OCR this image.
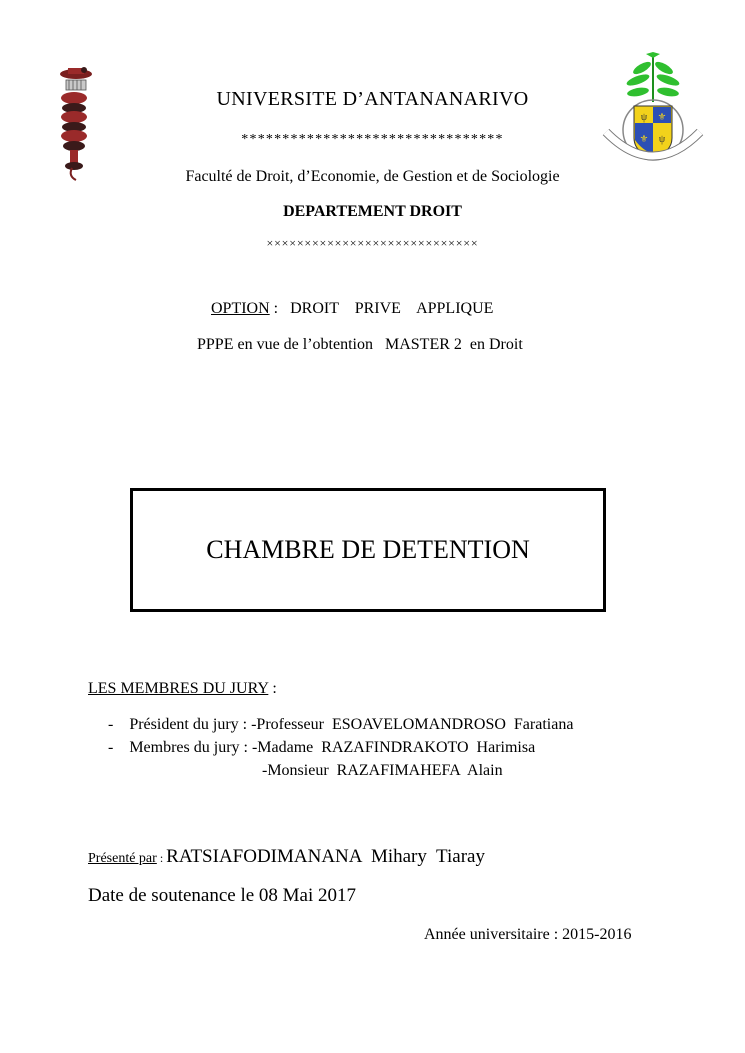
ψ ⚜
⚜ ψ
UNIVERSITE D’ANTANANARIVO
********************************
Faculté de Droit, d’Economie, de Gestion et de Sociologie
DEPARTEMENT DROIT
××××××××××××××××××××××××××××
OPTION :   DROIT    PRIVE    APPLIQUE
PPPE en vue de l’obtention   MASTER 2  en Droit
CHAMBRE DE DETENTION
LES MEMBRES DU JURY :
-    Président du jury : -Professeur  ESOAVELOMANDROSO  Faratiana
-    Membres du jury : -Madame  RAZAFINDRAKOTO  Harimisa
-Monsieur  RAZAFIMAHEFA  Alain
Présenté par : RATSIAFODIMANANA  Mihary  Tiaray
Date de soutenance le 08 Mai 2017
Année universitaire : 2015-2016
